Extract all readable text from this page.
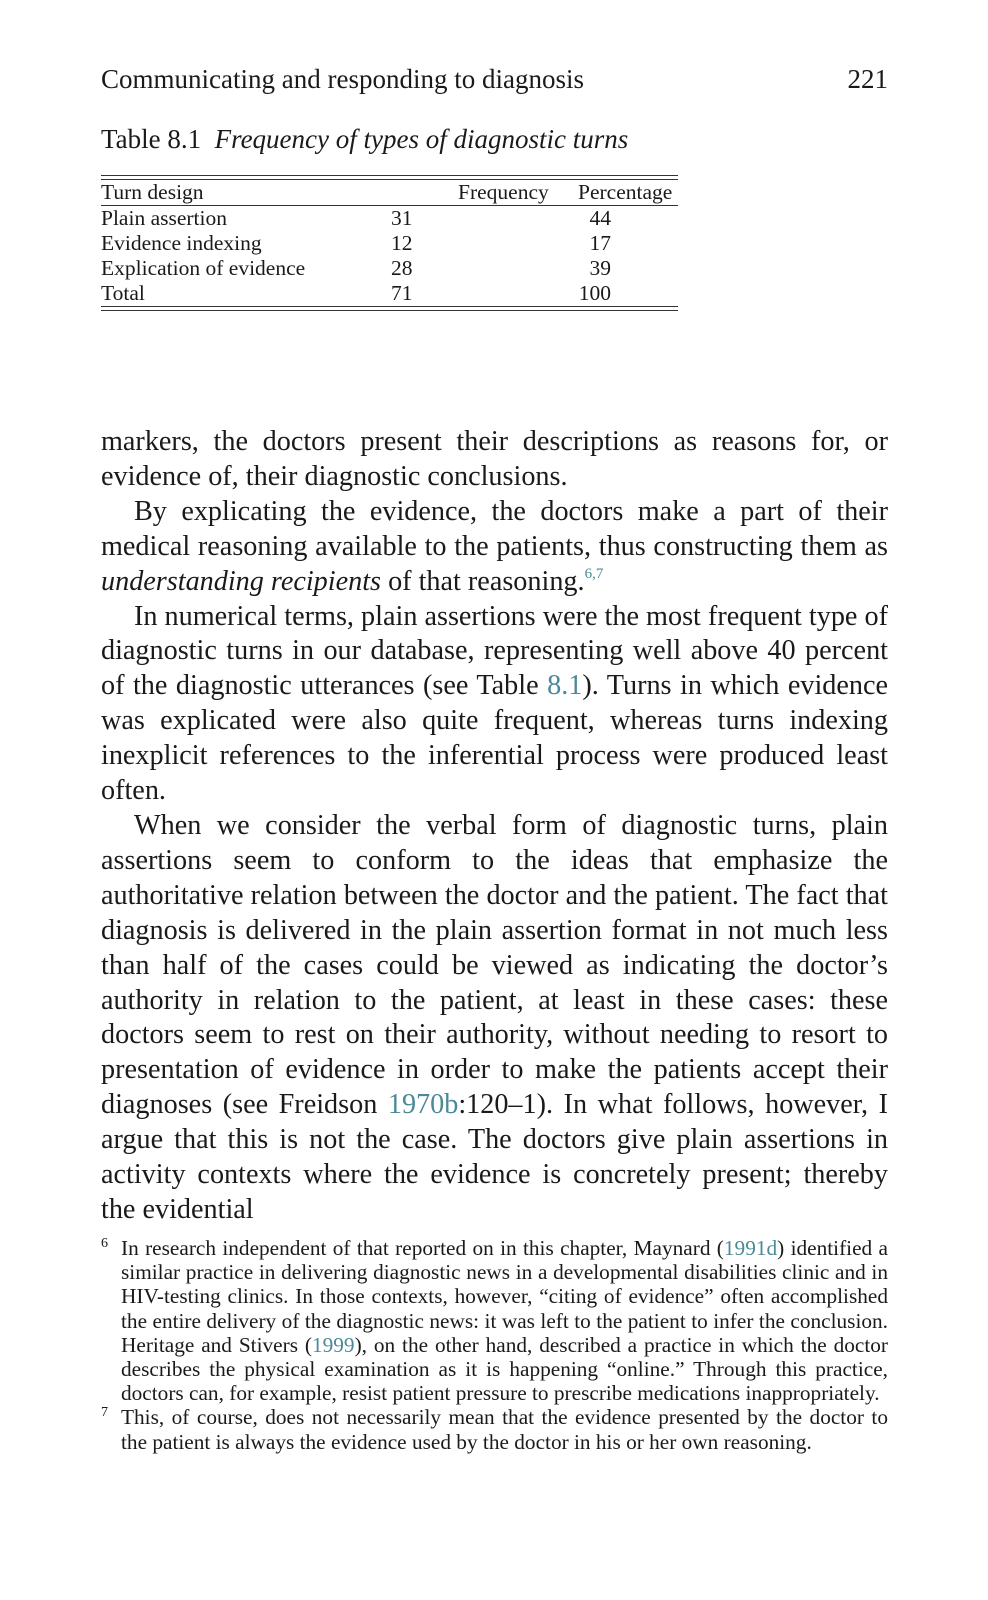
Communicating and responding to diagnosis	221
Table 8.1 Frequency of types of diagnostic turns
Turn design	Frequency	Percentage
Plain assertion	31	44
Evidence indexing	12	17
Explication of evidence	28	39
Total	71	100

markers, the doctors present their descriptions as reasons for, or evidence of, their diagnostic conclusions.

By explicating the evidence, the doctors make a part of their medical reasoning available to the patients, thus constructing them as understanding recipients of that reasoning.$^{6,7}$

In numerical terms, plain assertions were the most frequent type of diagnostic turns in our database, representing well above 40 percent of the diagnostic utterances (see Table 8.1). Turns in which evidence was explicated were also quite frequent, whereas turns indexing inexplicit references to the inferential process were produced least often.

When we consider the verbal form of diagnostic turns, plain assertions seem to conform to the ideas that emphasize the authoritative relation between the doctor and the patient. The fact that diagnosis is delivered in the plain assertion format in not much less than half of the cases could be viewed as indicating the doctor’s authority in relation to the patient, at least in these cases: these doctors seem to rest on their authority, without needing to resort to presentation of evidence in order to make the patients accept their diagnoses (see Freidson 1970b:120–1). In what follows, however, I argue that this is not the case. The doctors give plain assertions in activity contexts where the evidence is concretely present; thereby the evidential

6 In research independent of that reported on in this chapter, Maynard (1991d) identified a similar practice in delivering diagnostic news in a developmental disabilities clinic and in HIV-testing clinics. In those contexts, however, “citing of evidence” often accomplished the entire delivery of the diagnostic news: it was left to the patient to infer the conclusion. Heritage and Stivers (1999), on the other hand, described a practice in which the doctor describes the physical examination as it is happening “online.” Through this practice, doctors can, for example, resist patient pressure to prescribe medications inappropriately.
7 This, of course, does not necessarily mean that the evidence presented by the doctor to the patient is always the evidence used by the doctor in his or her own reasoning.
